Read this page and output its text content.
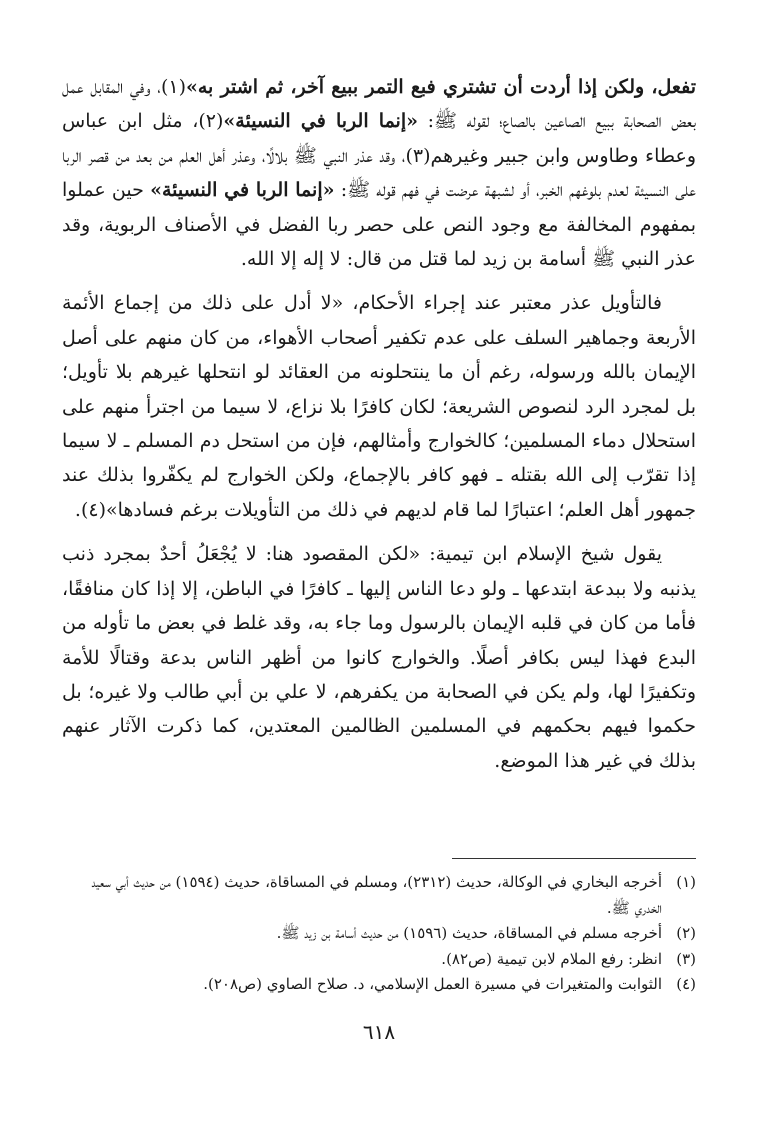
تفعل، ولكن إذا أردت أن تشتري فبع التمر ببيع آخر، ثم اشتر به»(١)، وفي المقابل عمل بعض الصحابة ببيع الصاعين بالصاع؛ لقوله ﷺ: «إنما الربا في النسيئة»(٢)، مثل ابن عباس وعطاء وطاوس وابن جبير وغيرهم(٣)، وقد عذر النبي ﷺ بلالًا، وعذر أهل العلم من بعد من قصر الربا على النسيئة لعدم بلوغهم الخبر، أو لشبهة عرضت في فهم قوله ﷺ: «إنما الربا في النسيئة» حين عملوا بمفهوم المخالفة مع وجود النص على حصر ربا الفضل في الأصناف الربوية، وقد عذر النبي ﷺ أسامة بن زيد لما قتل من قال: لا إله إلا الله.

فالتأويل عذر معتبر عند إجراء الأحكام، «لا أدل على ذلك من إجماع الأئمة الأربعة وجماهير السلف على عدم تكفير أصحاب الأهواء، من كان منهم على أصل الإيمان بالله ورسوله، رغم أن ما ينتحلونه من العقائد لو انتحلها غيرهم بلا تأويل؛ بل لمجرد الرد لنصوص الشريعة؛ لكان كافرًا بلا نزاع، لا سيما من اجترأ منهم على استحلال دماء المسلمين؛ كالخوارج وأمثالهم، فإن من استحل دم المسلم ـ لا سيما إذا تقرّب إلى الله بقتله ـ فهو كافر بالإجماع، ولكن الخوارج لم يكفّروا بذلك عند جمهور أهل العلم؛ اعتبارًا لما قام لديهم في ذلك من التأويلات برغم فسادها»(٤).

يقول شيخ الإسلام ابن تيمية: «لكن المقصود هنا: لا يُجْعَلُ أحدٌ بمجرد ذنب يذنبه ولا ببدعة ابتدعها ـ ولو دعا الناس إليها ـ كافرًا في الباطن، إلا إذا كان منافقًا، فأما من كان في قلبه الإيمان بالرسول وما جاء به، وقد غلط في بعض ما تأوله من البدع فهذا ليس بكافر أصلًا. والخوارج كانوا من أظهر الناس بدعة وقتالًا للأمة وتكفيرًا لها، ولم يكن في الصحابة من يكفرهم، لا علي بن أبي طالب ولا غيره؛ بل حكموا فيهم بحكمهم في المسلمين الظالمين المعتدين، كما ذكرت الآثار عنهم بذلك في غير هذا الموضع.

(١)أخرجه البخاري في الوكالة، حديث (٢٣١٢)، ومسلم في المساقاة، حديث (١٥٩٤) من حديث أبي سعيد الخدري ﷺ.

(٢)أخرجه مسلم في المساقاة، حديث (١٥٩٦) من حديث أسامة بن زيد ﷺ.

(٣)انظر: رفع الملام لابن تيمية (ص٨٢).

(٤)الثوابت والمتغيرات في مسيرة العمل الإسلامي، د. صلاح الصاوي (ص٢٠٨).

٦١٨
